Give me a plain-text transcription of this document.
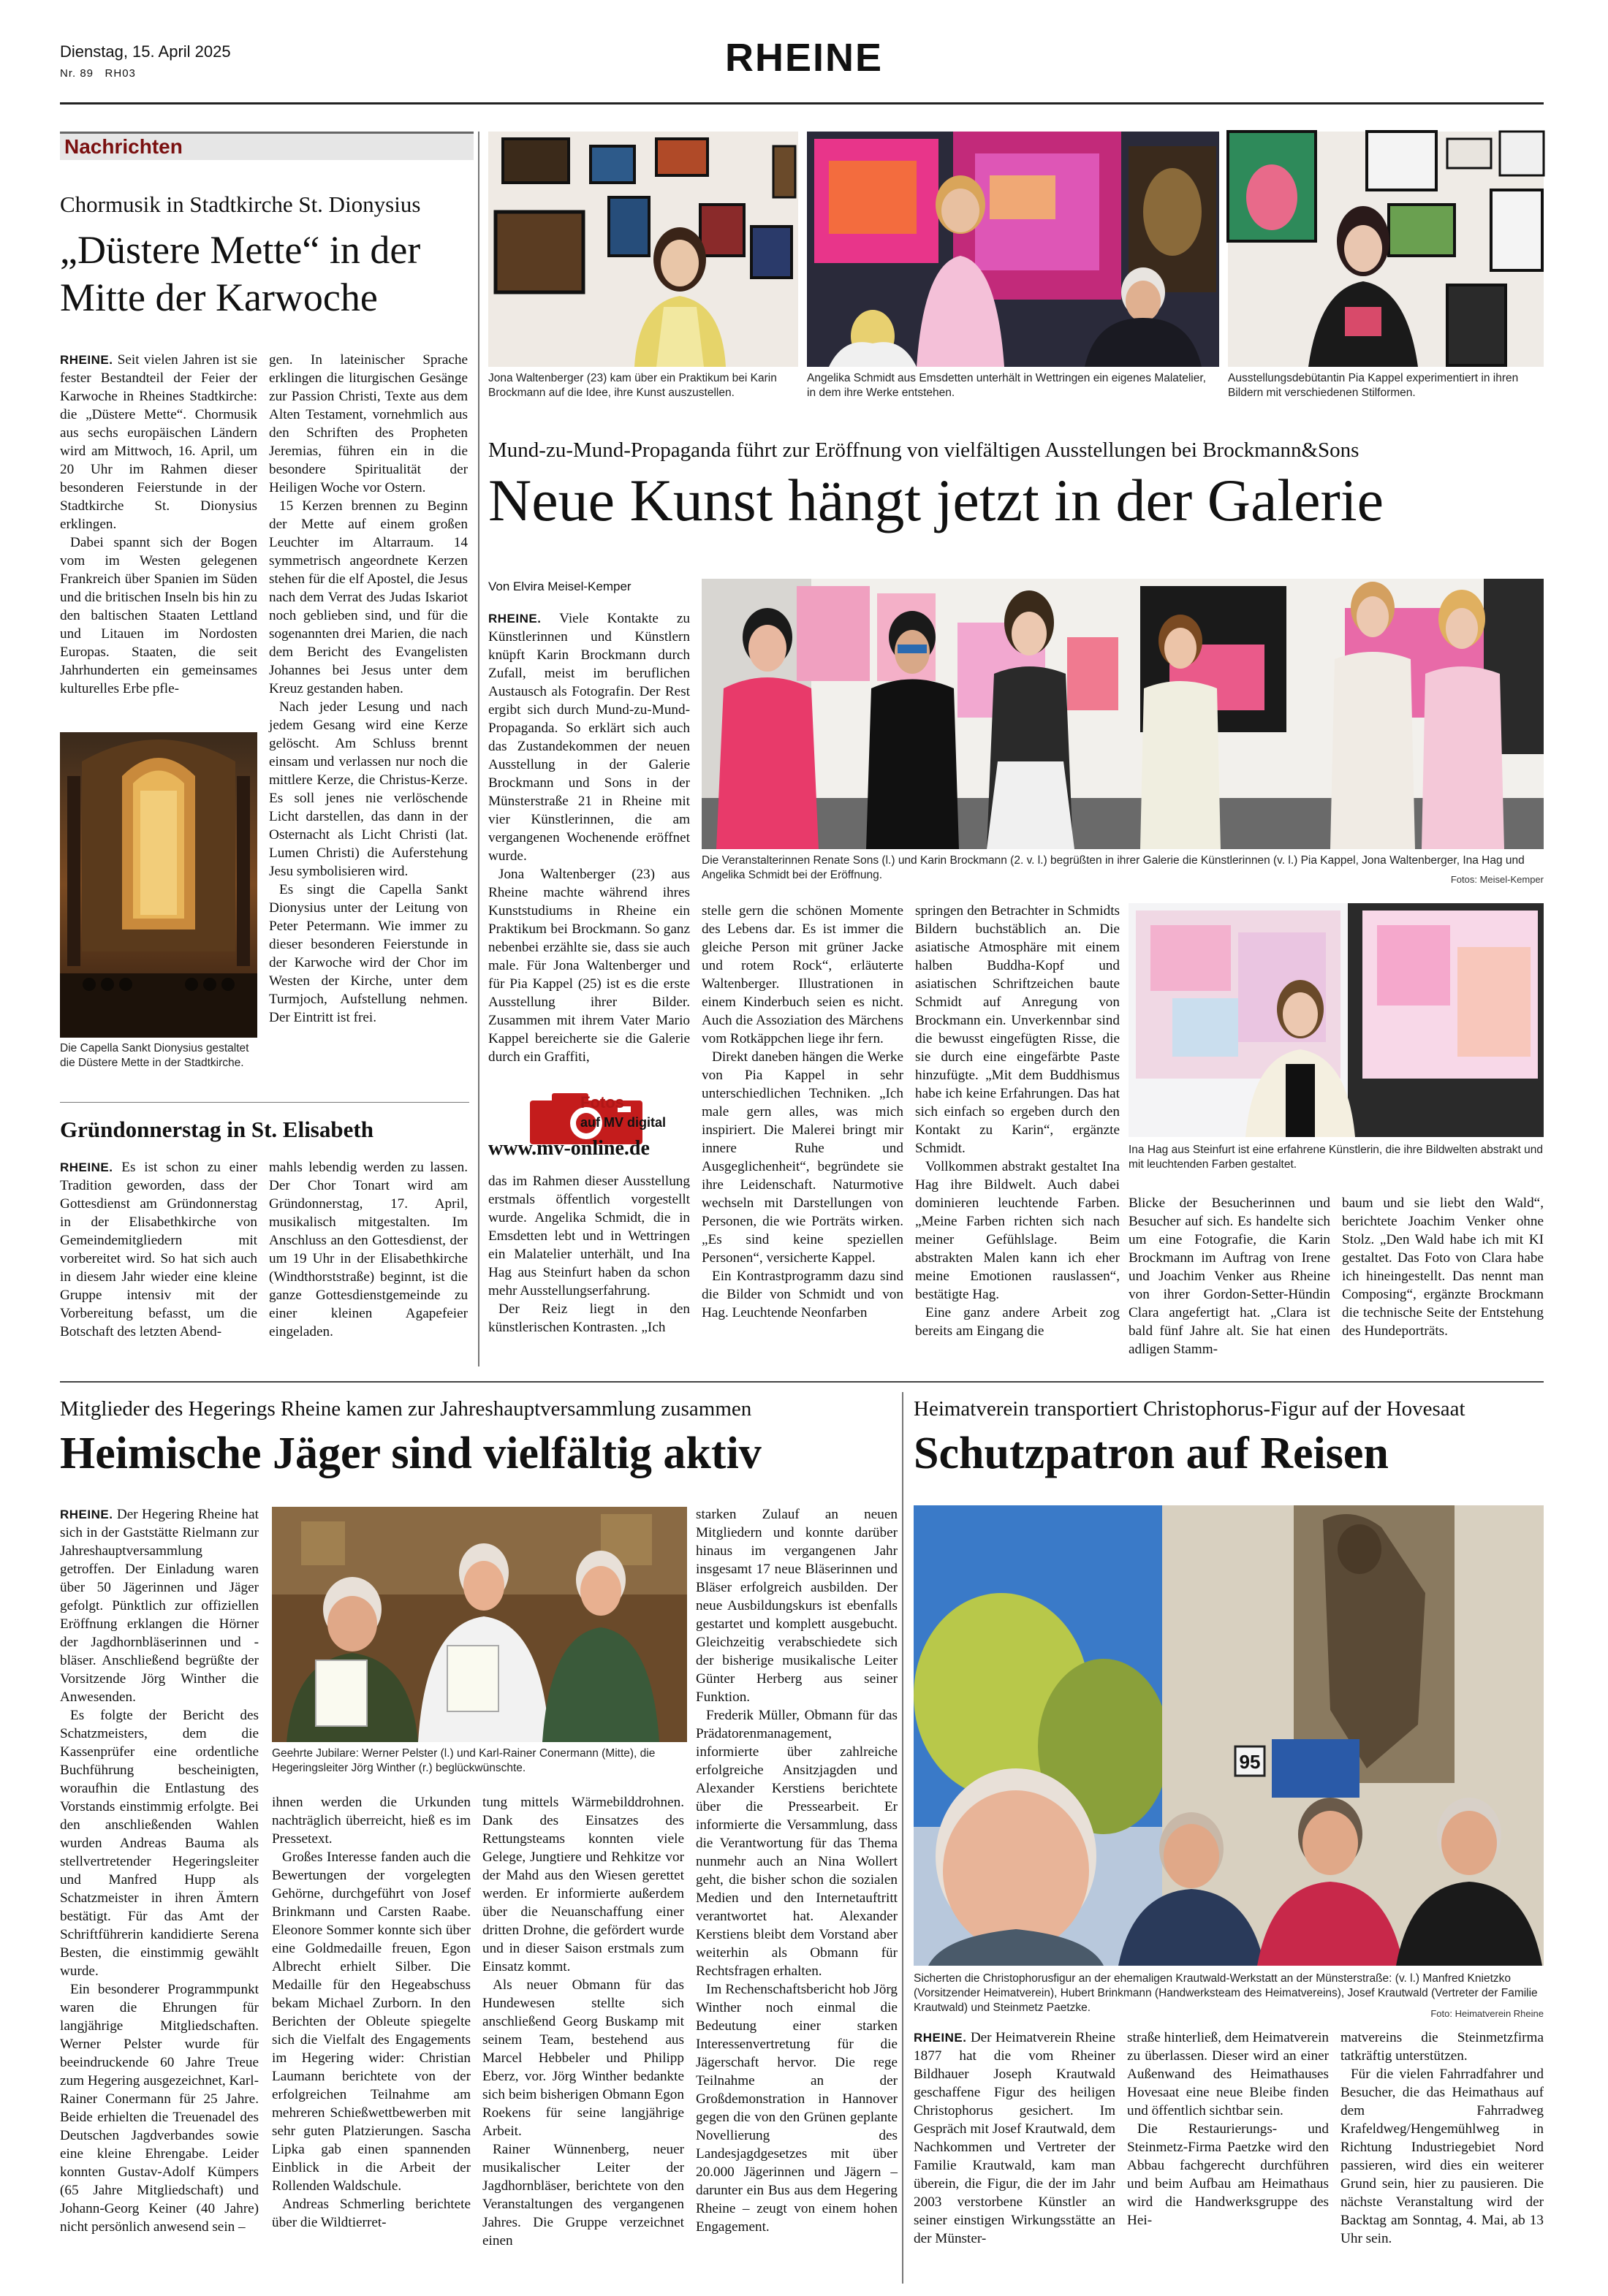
Dienstag, 15. April 2025
Nr. 89 RH03	RHEINE
Nachrichten
Chormusik in Stadtkirche St. Dionysius
„Düstere Mette“ in der Mitte der Karwoche

RHEINE. Seit vielen Jahren ist sie fester Bestandteil der Feier der Karwoche in Rheines Stadtkirche: die „Düstere Mette“. Chormusik aus sechs europäischen Ländern wird am Mittwoch, 16. April, um 20 Uhr im Rahmen dieser besonderen Feierstunde in der Stadtkirche St. Dionysius erklingen.

Dabei spannt sich der Bogen vom im Westen gelegenen Frankreich über Spanien im Süden und die britischen Inseln bis hin zu den baltischen Staaten Lettland und Litauen im Nordosten Europas. Staaten, die seit Jahrhunderten ein gemeinsames kulturelles Erbe pfle-

gen. In lateinischer Sprache erklingen die liturgischen Gesänge zur Passion Christi, Texte aus dem Alten Testament, vornehmlich aus den Schriften des Propheten Jeremias, führen ein in die besondere Spiritualität der Heiligen Woche vor Ostern.

15 Kerzen brennen zu Beginn der Mette auf einem großen Leuchter im Altarraum. 14 symmetrisch angeordnete Kerzen stehen für die elf Apostel, die Jesus nach dem Verrat des Judas Iskariot noch geblieben sind, und für die sogenannten drei Marien, die nach dem Bericht des Evangelisten Johannes bei Jesus unter dem Kreuz gestanden haben.

Nach jeder Lesung und nach jedem Gesang wird eine Kerze gelöscht. Am Schluss brennt einsam und verlassen nur noch die mittlere Kerze, die Christus-Kerze. Es soll jenes nie verlöschende Licht darstellen, das dann in der Osternacht als Licht Christi (lat. Lumen Christi) die Auferstehung Jesu symbolisieren wird.

Es singt die Capella Sankt Dionysius unter der Leitung von Peter Petermann. Wie immer zu dieser besonderen Feierstunde in der Karwoche wird der Chor im Westen der Kirche, unter dem Turmjoch, Aufstellung nehmen. Der Eintritt ist frei.

Die Capella Sankt Dionysius gestaltet die Düstere Mette in der Stadtkirche.
Gründonnerstag in St. Elisabeth

RHEINE. Es ist schon zu einer Tradition geworden, dass der Gottesdienst am Gründonnerstag in der Elisabethkirche von Gemeindemitgliedern mit vorbereitet wird. So hat sich auch in diesem Jahr wieder eine kleine Gruppe intensiv mit der Vorbereitung befasst, um die Botschaft des letzten Abend-

mahls lebendig werden zu lassen. Der Chor Tonart wird am Gründonnerstag, 17. April, musikalisch mitgestalten. Im Anschluss an den Gottesdienst, der um 19 Uhr in der Elisabethkirche (Windthorststraße) beginnt, ist die ganze Gottesdienstgemeinde zu einer kleinen Agapefeier eingeladen.

Jona Waltenberger (23) kam über ein Praktikum bei Karin Brockmann auf die Idee, ihre Kunst auszustellen.
Angelika Schmidt aus Emsdetten unterhält in Wettringen ein eigenes Malatelier, in dem ihre Werke entstehen.
Ausstellungsdebütantin Pia Kappel experimentiert in ihren Bildern mit verschiedenen Stilformen.
Mund-zu-Mund-Propaganda führt zur Eröffnung von vielfältigen Ausstellungen bei Brockmann&Sons
Neue Kunst hängt jetzt in der Galerie
Von Elvira Meisel-Kemper

RHEINE. Viele Kontakte zu Künstlerinnen und Künstlern knüpft Karin Brockmann durch Zufall, meist im beruflichen Austausch als Fotografin. Der Rest ergibt sich durch Mund-zu-Mund-Propaganda. So erklärt sich auch das Zustandekommen der neuen Ausstellung in der Galerie Brockmann und Sons in der Münsterstraße 21 in Rheine mit vier Künstlerinnen, die am vergangenen Wochenende eröffnet wurde.

Jona Waltenberger (23) aus Rheine machte während ihres Kunststudiums in Rheine ein Praktikum bei Brockmann. So ganz nebenbei erzählte sie, dass sie auch male. Für Jona Waltenberger und für Pia Kappel (25) ist es die erste Ausstellung ihrer Bilder. Zusammen mit ihrem Vater Mario Kappel bereicherte sie die Galerie durch ein Graffiti,

Die Veranstalterinnen Renate Sons (l.) und Karin Brockmann (2. v. l.) begrüßten in ihrer Galerie die Künstlerinnen (v. l.) Pia Kappel, Jona Waltenberger, Ina Hag und Angelika Schmidt bei der Eröffnung.	Fotos: Meisel-Kemper

stelle gern die schönen Momente des Lebens dar. Es ist immer die gleiche Person mit grüner Jacke und rotem Rock“, erläuterte Waltenberger. Illustrationen in einem Kinderbuch seien es nicht. Auch die Assoziation des Märchens vom Rotkäppchen liege ihr fern.

Direkt daneben hängen die Werke von Pia Kappel in sehr unterschiedlichen Techniken. „Ich male gern alles, was mich inspiriert. Die Malerei bringt mir innere Ruhe und Ausgeglichenheit“, begründete sie ihre Leidenschaft. Naturmotive wechseln mit Darstellungen von Personen, die wie Porträts wirken. „Es sind keine speziellen Personen“, versicherte Kappel.

Ein Kontrastprogramm dazu sind die Bilder von Schmidt und von Hag. Leuchtende Neonfarben

springen den Betrachter in Schmidts Bildern buchstäblich an. Die asiatische Atmosphäre mit einem halben Buddha-Kopf und asiatischen Schriftzeichen baute Schmidt auf Anregung von Brockmann ein. Unverkennbar sind die bewusst eingefügten Risse, die sie durch eine eingefärbte Paste hinzufügte. „Mit dem Buddhismus habe ich keine Erfahrungen. Das hat sich einfach so ergeben durch den Kontakt zu Karin“, ergänzte Schmidt.

Vollkommen abstrakt gestaltet Ina Hag ihre Bildwelt. Auch dabei dominieren leuchtende Farben. „Meine Farben richten sich nach meiner Gefühlslage. Beim abstrakten Malen kann ich eher meine Emotionen rauslassen“, bestätigte Hag.

Eine ganz andere Arbeit zog bereits am Eingang die

Ina Hag aus Steinfurt ist eine erfahrene Künstlerin, die ihre Bildwelten abstrakt und mit leuchtenden Farben gestaltet.

Blicke der Besucherinnen und Besucher auf sich. Es handelte sich um eine Fotografie, die Karin Brockmann im Auftrag von Irene und Joachim Venker aus Rheine von ihrer Gordon-Setter-Hündin Clara angefertigt hat. „Clara ist bald fünf Jahre alt. Sie hat einen adligen Stamm-

baum und sie liebt den Wald“, berichtete Joachim Venker ohne Stolz. „Den Wald habe ich mit KI gestaltet. Das Foto von Clara habe ich hineingestellt. Das nennt man Composing“, ergänzte Brockmann die technische Seite der Entstehung des Hundeporträts.

Fotos
auf MV digital
www.mv-online.de

das im Rahmen dieser Ausstellung erstmals öffentlich vorgestellt wurde. Angelika Schmidt, die in Emsdetten lebt und in Wettringen ein Malatelier unterhält, und Ina Hag aus Steinfurt haben da schon mehr Ausstellungserfahrung.

Der Reiz liegt in den künstlerischen Kontrasten. „Ich

Mitglieder des Hegerings Rheine kamen zur Jahreshauptversammlung zusammen
Heimische Jäger sind vielfältig aktiv

RHEINE. Der Hegering Rheine hat sich in der Gaststätte Rielmann zur Jahreshauptversammlung getroffen. Der Einladung waren über 50 Jägerinnen und Jäger gefolgt. Pünktlich zur offiziellen Eröffnung erklangen die Hörner der Jagdhornbläserinnen und -bläser. Anschließend begrüßte der Vorsitzende Jörg Winther die Anwesenden.

Es folgte der Bericht des Schatzmeisters, dem die Kassenprüfer eine ordentliche Buchführung bescheinigten, woraufhin die Entlastung des Vorstands einstimmig erfolgte. Bei den anschließenden Wahlen wurden Andreas Bauma als stellvertretender Hegeringsleiter und Manfred Hupp als Schatzmeister in ihren Ämtern bestätigt. Für das Amt der Schriftführerin kandidierte Serena Besten, die einstimmig gewählt wurde.

Ein besonderer Programmpunkt waren die Ehrungen für langjährige Mitgliedschaften. Werner Pelster wurde für beeindruckende 60 Jahre Treue zum Hegering ausgezeichnet, Karl-Rainer Conermann für 25 Jahre. Beide erhielten die Treuenadel des Deutschen Jagdverbandes sowie eine kleine Ehrengabe. Leider konnten Gustav-Adolf Kümpers (65 Jahre Mitgliedschaft) und Johann-Georg Keiner (40 Jahre) nicht persönlich anwesend sein –

Geehrte Jubilare: Werner Pelster (l.) und Karl-Rainer Conermann (Mitte), die Hegeringsleiter Jörg Winther (r.) beglückwünschte.

ihnen werden die Urkunden nachträglich überreicht, hieß es im Pressetext.

Großes Interesse fanden auch die Bewertungen der vorgelegten Gehörne, durchgeführt von Josef Brinkmann und Carsten Raabe. Eleonore Sommer konnte sich über eine Goldmedaille freuen, Egon Albrecht erhielt Silber. Die Medaille für den Hegeabschuss bekam Michael Zurborn. In den Berichten der Obleute spiegelte sich die Vielfalt des Engagements im Hegering wider: Christian Laumann berichtete von der erfolgreichen Teilnahme am mehreren Schießwettbewerben mit sehr guten Platzierungen. Sascha Lipka gab einen spannenden Einblick in die Arbeit der Rollenden Waldschule.

Andreas Schmerling berichtete über die Wildtierret-

tung mittels Wärmebilddrohnen. Dank des Einsatzes des Rettungsteams konnten viele Gelege, Jungtiere und Rehkitze vor der Mahd aus den Wiesen gerettet werden. Er informierte außerdem über die Neuanschaffung einer dritten Drohne, die gefördert wurde und in dieser Saison erstmals zum Einsatz kommt.

Als neuer Obmann für das Hundewesen stellte sich anschließend Georg Buskamp mit seinem Team, bestehend aus Marcel Hebbeler und Philipp Eberz, vor. Jörg Winther bedankte sich beim bisherigen Obmann Egon Roekens für seine langjährige Arbeit.

Rainer Wünnenberg, neuer musikalischer Leiter der Jagdhornbläser, berichtete von den Veranstaltungen des vergangenen Jahres. Die Gruppe verzeichnet einen

starken Zulauf an neuen Mitgliedern und konnte darüber hinaus im vergangenen Jahr insgesamt 17 neue Bläserinnen und Bläser erfolgreich ausbilden. Der neue Ausbildungskurs ist ebenfalls gestartet und komplett ausgebucht. Gleichzeitig verabschiedete sich der bisherige musikalische Leiter Günter Herberg aus seiner Funktion.

Frederik Müller, Obmann für das Prädatorenmanagement, informierte über zahlreiche erfolgreiche Ansitzjagden und Alexander Kerstiens berichtete über die Pressearbeit. Er informierte die Versammlung, dass die Verantwortung für das Thema nunmehr auch an Nina Wollert geht, die bisher schon die sozialen Medien und den Internetauftritt verantwortet hat. Alexander Kerstiens bleibt dem Vorstand aber weiterhin als Obmann für Rechtsfragen erhalten.

Im Rechenschaftsbericht hob Jörg Winther noch einmal die Bedeutung einer starken Interessenvertretung für die Jägerschaft hervor. Die rege Teilnahme an der Großdemonstration in Hannover gegen die von den Grünen geplante Novellierung des Landesjagdgesetzes mit über 20.000 Jägerinnen und Jägern – darunter ein Bus aus dem Hegering Rheine – zeugt von einem hohen Engagement.

Heimatverein transportiert Christophorus-Figur auf der Hovesaat
Schutzpatron auf Reisen
95
Sicherten die Christophorusfigur an der ehemaligen Krautwald-Werkstatt an der Münsterstraße: (v. l.) Manfred Knietzko (Vorsitzender Heimatverein), Hubert Brinkmann (Handwerksteam des Heimatvereins), Josef Krautwald (Vertreter der Familie Krautwald) und Steinmetz Paetzke.	Foto: Heimatverein Rheine

RHEINE. Der Heimatverein Rheine 1877 hat die vom Rheiner Bildhauer Joseph Krautwald geschaffene Figur des heiligen Christophorus gesichert. Im Gespräch mit Josef Krautwald, dem Nachkommen und Vertreter der Familie Krautwald, kam man überein, die Figur, die der im Jahr 2003 verstorbene Künstler an seiner einstigen Wirkungsstätte an der Münster-

straße hinterließ, dem Heimatverein zu überlassen. Dieser wird an einer Außenwand des Heimathauses Hovesaat eine neue Bleibe finden und öffentlich sichtbar sein.

Die Restaurierungs- und Steinmetz-Firma Paetzke wird den Abbau fachgerecht durchführen und beim Aufbau am Heimathaus wird die Handwerksgruppe des Hei-

matvereins die Steinmetzfirma tatkräftig unterstützen.

Für die vielen Fahrradfahrer und Besucher, die das Heimathaus auf dem Fahrradweg Krafeldweg/Hengemühlweg in Richtung Industriegebiet Nord passieren, wird dies ein weiterer Grund sein, hier zu pausieren. Die nächste Veranstaltung wird der Backtag am Sonntag, 4. Mai, ab 13 Uhr sein.
